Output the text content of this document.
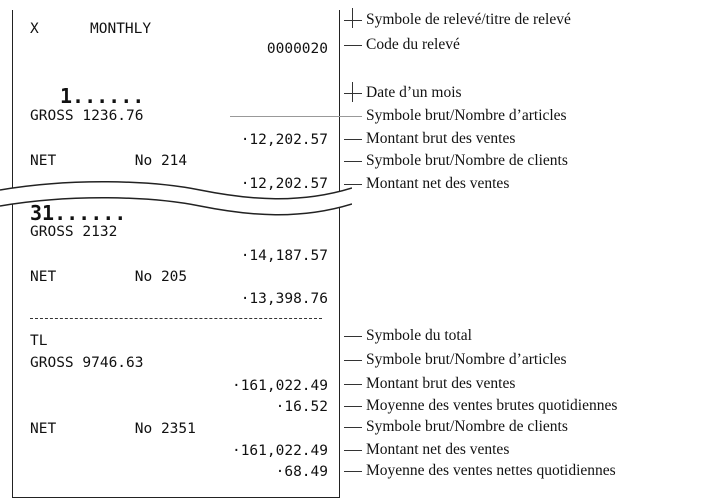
X	MONTHLY

0000020

1......

GROSS 1236.76

·12,202.57

NET         No 214

·12,202.57

31......

GROSS 2132

·14,187.57

NET         No 205

·13,398.76

TL

GROSS 9746.63

·161,022.49

·16.52

NET         No 2351

·161,022.49

·68.49

Symbole de relevé/titre de relevé

Code du relevé

Date d’un mois

Symbole brut/Nombre d’articles

Montant brut des ventes

Symbole brut/Nombre de clients

Montant net des ventes

Symbole du total

Symbole brut/Nombre d’articles

Montant brut des ventes

Moyenne des ventes brutes quotidiennes

Symbole brut/Nombre de clients

Montant net des ventes

Moyenne des ventes nettes quotidiennes
